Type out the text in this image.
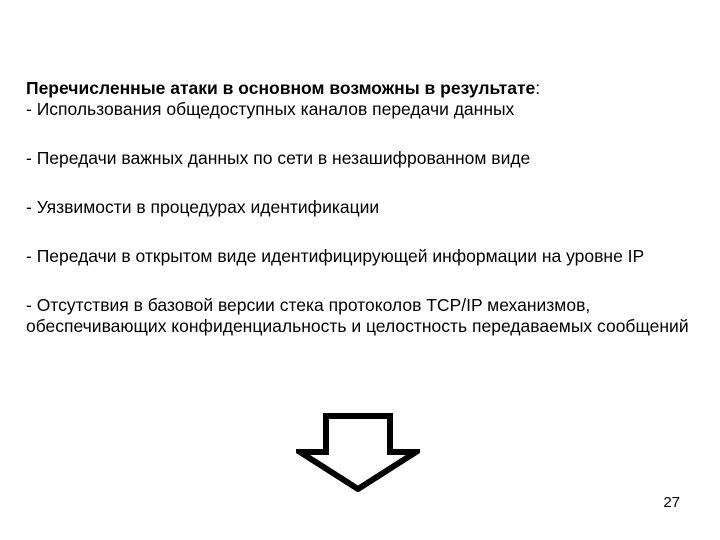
Перечисленные атаки в основном возможны в результате:

- Использования общедоступных каналов передачи данных

- Передачи важных данных по сети в незашифрованном виде

- Уязвимости в процедурах идентификации

- Передачи в открытом виде идентифицирующей информации на уровне IP

- Отсутствия в базовой версии стека протоколов TCP/IP механизмов, обеспечивающих конфиденциальность и целостность передаваемых сообщений

27
